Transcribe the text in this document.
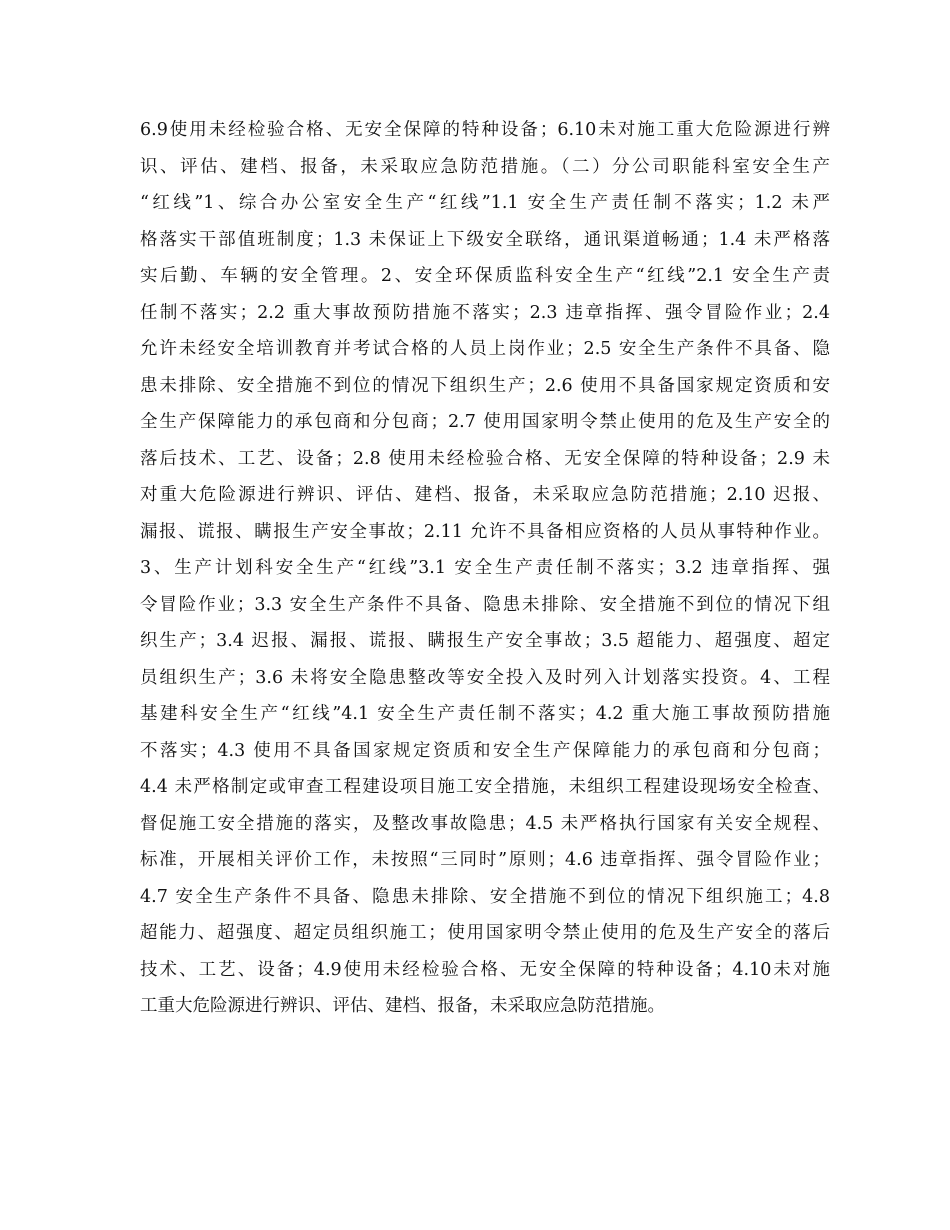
6.9使用未经检验合格、无安全保障的特种设备；6.10未对施工重大危险源进行辨
识、评估、建档、报备，未采取应急防范措施。（二）分公司职能科室安全生产
“红线”1、综合办公室安全生产“红线”1.1 安全生产责任制不落实；1.2 未严
格落实干部值班制度；1.3 未保证上下级安全联络，通讯渠道畅通；1.4 未严格落
实后勤、车辆的安全管理。2、安全环保质监科安全生产“红线”2.1 安全生产责
任制不落实；2.2 重大事故预防措施不落实；2.3 违章指挥、强令冒险作业；2.4
允许未经安全培训教育并考试合格的人员上岗作业；2.5 安全生产条件不具备、隐
患未排除、安全措施不到位的情况下组织生产；2.6 使用不具备国家规定资质和安
全生产保障能力的承包商和分包商；2.7 使用国家明令禁止使用的危及生产安全的
落后技术、工艺、设备；2.8 使用未经检验合格、无安全保障的特种设备；2.9 未
对重大危险源进行辨识、评估、建档、报备，未采取应急防范措施；2.10 迟报、
漏报、谎报、瞒报生产安全事故；2.11 允许不具备相应资格的人员从事特种作业。
3、生产计划科安全生产“红线”3.1 安全生产责任制不落实；3.2 违章指挥、强
令冒险作业；3.3 安全生产条件不具备、隐患未排除、安全措施不到位的情况下组
织生产；3.4 迟报、漏报、谎报、瞒报生产安全事故；3.5 超能力、超强度、超定
员组织生产；3.6 未将安全隐患整改等安全投入及时列入计划落实投资。4、工程
基建科安全生产“红线”4.1 安全生产责任制不落实；4.2 重大施工事故预防措施
不落实；4.3 使用不具备国家规定资质和安全生产保障能力的承包商和分包商；
4.4 未严格制定或审查工程建设项目施工安全措施，未组织工程建设现场安全检查、
督促施工安全措施的落实，及整改事故隐患；4.5 未严格执行国家有关安全规程、
标准，开展相关评价工作，未按照“三同时”原则；4.6 违章指挥、强令冒险作业；
4.7 安全生产条件不具备、隐患未排除、安全措施不到位的情况下组织施工；4.8
超能力、超强度、超定员组织施工；使用国家明令禁止使用的危及生产安全的落后
技术、工艺、设备；4.9使用未经检验合格、无安全保障的特种设备；4.10未对施
工重大危险源进行辨识、评估、建档、报备，未采取应急防范措施。
